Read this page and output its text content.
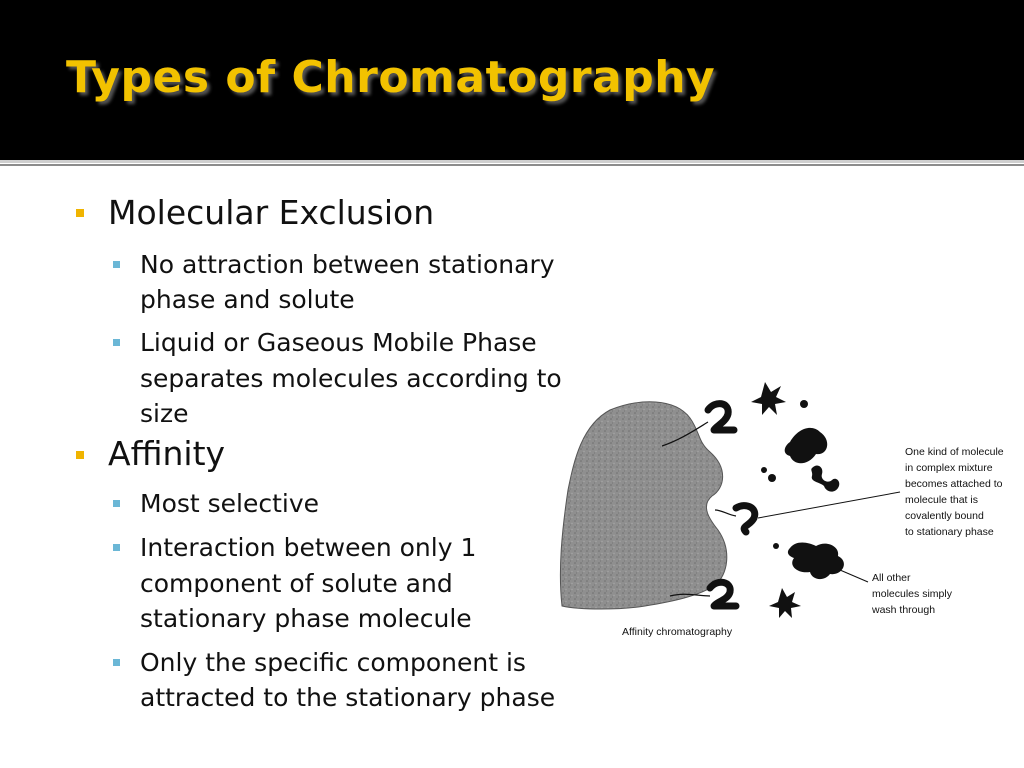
Types of Chromatography
Molecular Exclusion
No attraction between stationary
phase and solute
Liquid or Gaseous Mobile Phase
separates molecules according to
size
Affinity
Most selective
Interaction between only 1
component of solute and
stationary phase molecule
Only the specific component is
attracted to the stationary phase
One kind of molecule
in complex mixture
becomes attached to
molecule that is
covalently bound
to stationary phase
All other
molecules simply
wash through
Affinity chromatography
